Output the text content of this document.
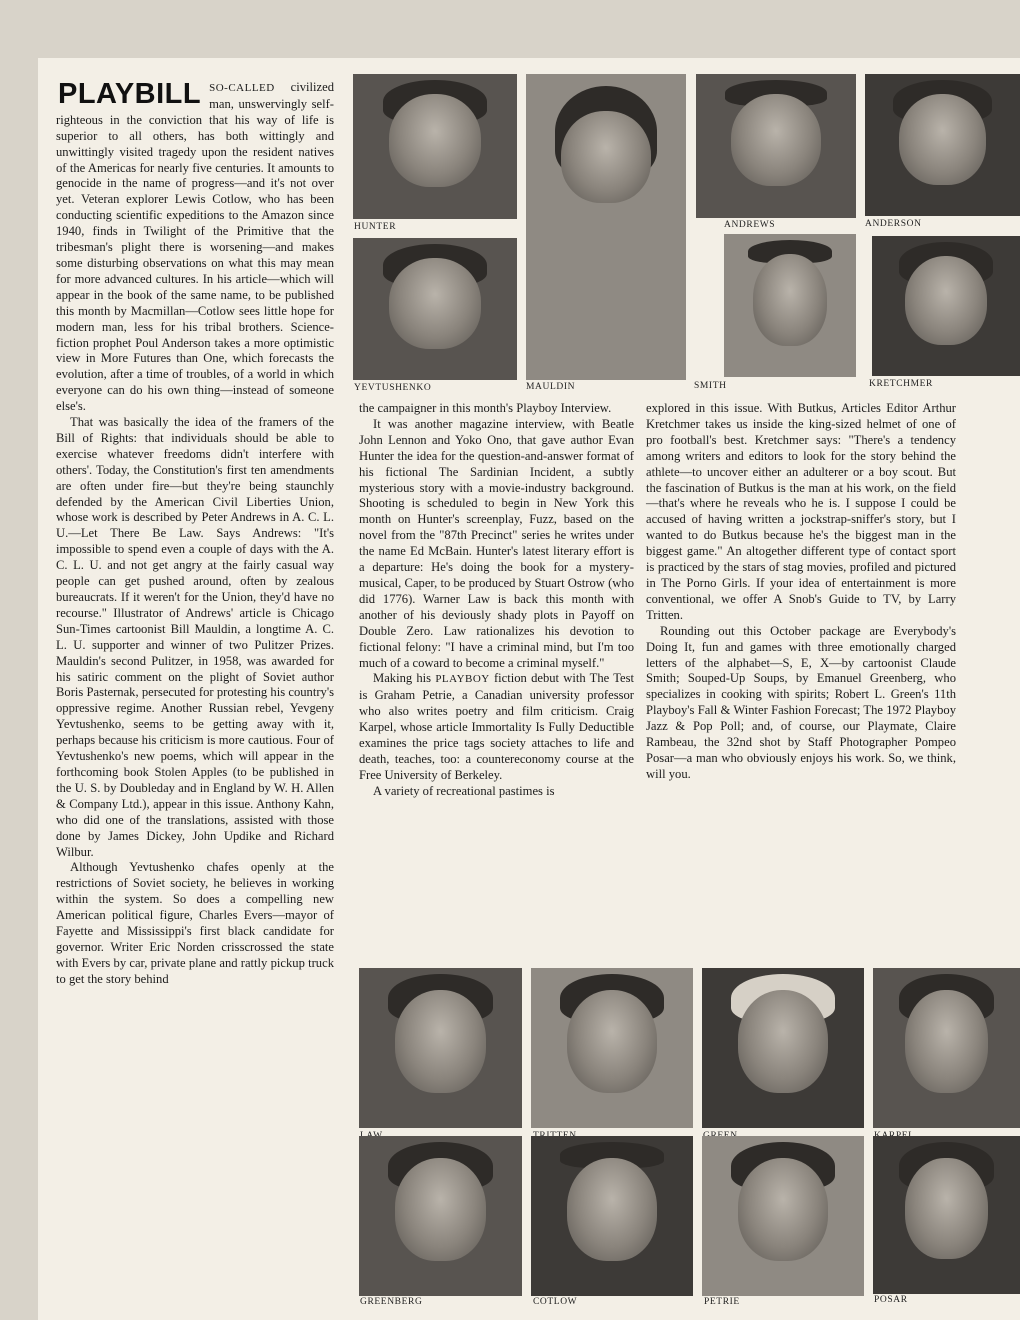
PLAYBILL SO-CALLED civilized man, unswervingly self-righteous in the conviction that his way of life is superior to all others, has both wittingly and unwittingly visited tragedy upon the resident natives of the Americas for nearly five centuries. It amounts to genocide in the name of progress—and it's not over yet. Veteran explorer Lewis Cotlow, who has been conducting scientific expeditions to the Amazon since 1940, finds in Twilight of the Primitive that the tribesman's plight there is worsening—and makes some disturbing observations on what this may mean for more advanced cultures. In his article—which will appear in the book of the same name, to be published this month by Macmillan—Cotlow sees little hope for modern man, less for his tribal brothers. Science-fiction prophet Poul Anderson takes a more optimistic view in More Futures than One, which forecasts the evolution, after a time of troubles, of a world in which everyone can do his own thing—instead of someone else's.

That was basically the idea of the framers of the Bill of Rights: that individuals should be able to exercise whatever freedoms didn't interfere with others'. Today, the Constitution's first ten amendments are often under fire—but they're being staunchly defended by the American Civil Liberties Union, whose work is described by Peter Andrews in A. C. L. U.—Let There Be Law. Says Andrews: "It's impossible to spend even a couple of days with the A. C. L. U. and not get angry at the fairly casual way people can get pushed around, often by zealous bureaucrats. If it weren't for the Union, they'd have no recourse." Illustrator of Andrews' article is Chicago Sun-Times cartoonist Bill Mauldin, a longtime A. C. L. U. supporter and winner of two Pulitzer Prizes. Mauldin's second Pulitzer, in 1958, was awarded for his satiric comment on the plight of Soviet author Boris Pasternak, persecuted for protesting his country's oppressive regime. Another Russian rebel, Yevgeny Yevtushenko, seems to be getting away with it, perhaps because his criticism is more cautious. Four of Yevtushenko's new poems, which will appear in the forthcoming book Stolen Apples (to be published in the U. S. by Doubleday and in England by W. H. Allen & Company Ltd.), appear in this issue. Anthony Kahn, who did one of the translations, assisted with those done by James Dickey, John Updike and Richard Wilbur.

Although Yevtushenko chafes openly at the restrictions of Soviet society, he believes in working within the system. So does a compelling new American political figure, Charles Evers—mayor of Fayette and Mississippi's first black candidate for governor. Writer Eric Norden crisscrossed the state with Evers by car, private plane and rattly pickup truck to get the story behind

HUNTER	ANDREWS	ANDERSON
YEVTUSHENKO	MAULDIN	SMITH	KRETCHMER

the campaigner in this month's Playboy Interview.

It was another magazine interview, with Beatle John Lennon and Yoko Ono, that gave author Evan Hunter the idea for the question-and-answer format of his fictional The Sardinian Incident, a subtly mysterious story with a movie-industry background. Shooting is scheduled to begin in New York this month on Hunter's screenplay, Fuzz, based on the novel from the "87th Precinct" series he writes under the name Ed McBain. Hunter's latest literary effort is a departure: He's doing the book for a mystery-musical, Caper, to be produced by Stuart Ostrow (who did 1776). Warner Law is back this month with another of his deviously shady plots in Payoff on Double Zero. Law rationalizes his devotion to fictional felony: "I have a criminal mind, but I'm too much of a coward to become a criminal myself."

Making his PLAYBOY fiction debut with The Test is Graham Petrie, a Canadian university professor who also writes poetry and film criticism. Craig Karpel, whose article Immortality Is Fully Deductible examines the price tags society attaches to life and death, teaches, too: a countereconomy course at the Free University of Berkeley.

A variety of recreational pastimes is

explored in this issue. With Butkus, Articles Editor Arthur Kretchmer takes us inside the king-sized helmet of one of pro football's best. Kretchmer says: "There's a tendency among writers and editors to look for the story behind the athlete—to uncover either an adulterer or a boy scout. But the fascination of Butkus is the man at his work, on the field—that's where he reveals who he is. I suppose I could be accused of having written a jockstrap-sniffer's story, but I wanted to do Butkus because he's the biggest man in the biggest game." An altogether different type of contact sport is practiced by the stars of stag movies, profiled and pictured in The Porno Girls. If your idea of entertainment is more conventional, we offer A Snob's Guide to TV, by Larry Tritten.

Rounding out this October package are Everybody's Doing It, fun and games with three emotionally charged letters of the alphabet—S, E, X—by cartoonist Claude Smith; Souped-Up Soups, by Emanuel Greenberg, who specializes in cooking with spirits; Robert L. Green's 11th Playboy's Fall & Winter Fashion Forecast; The 1972 Playboy Jazz & Pop Poll; and, of course, our Playmate, Claire Rambeau, the 32nd shot by Staff Photographer Pompeo Posar—a man who obviously enjoys his work. So, we think, will you.

GREENBERG	COTLOW	PETRIE	POSAR
